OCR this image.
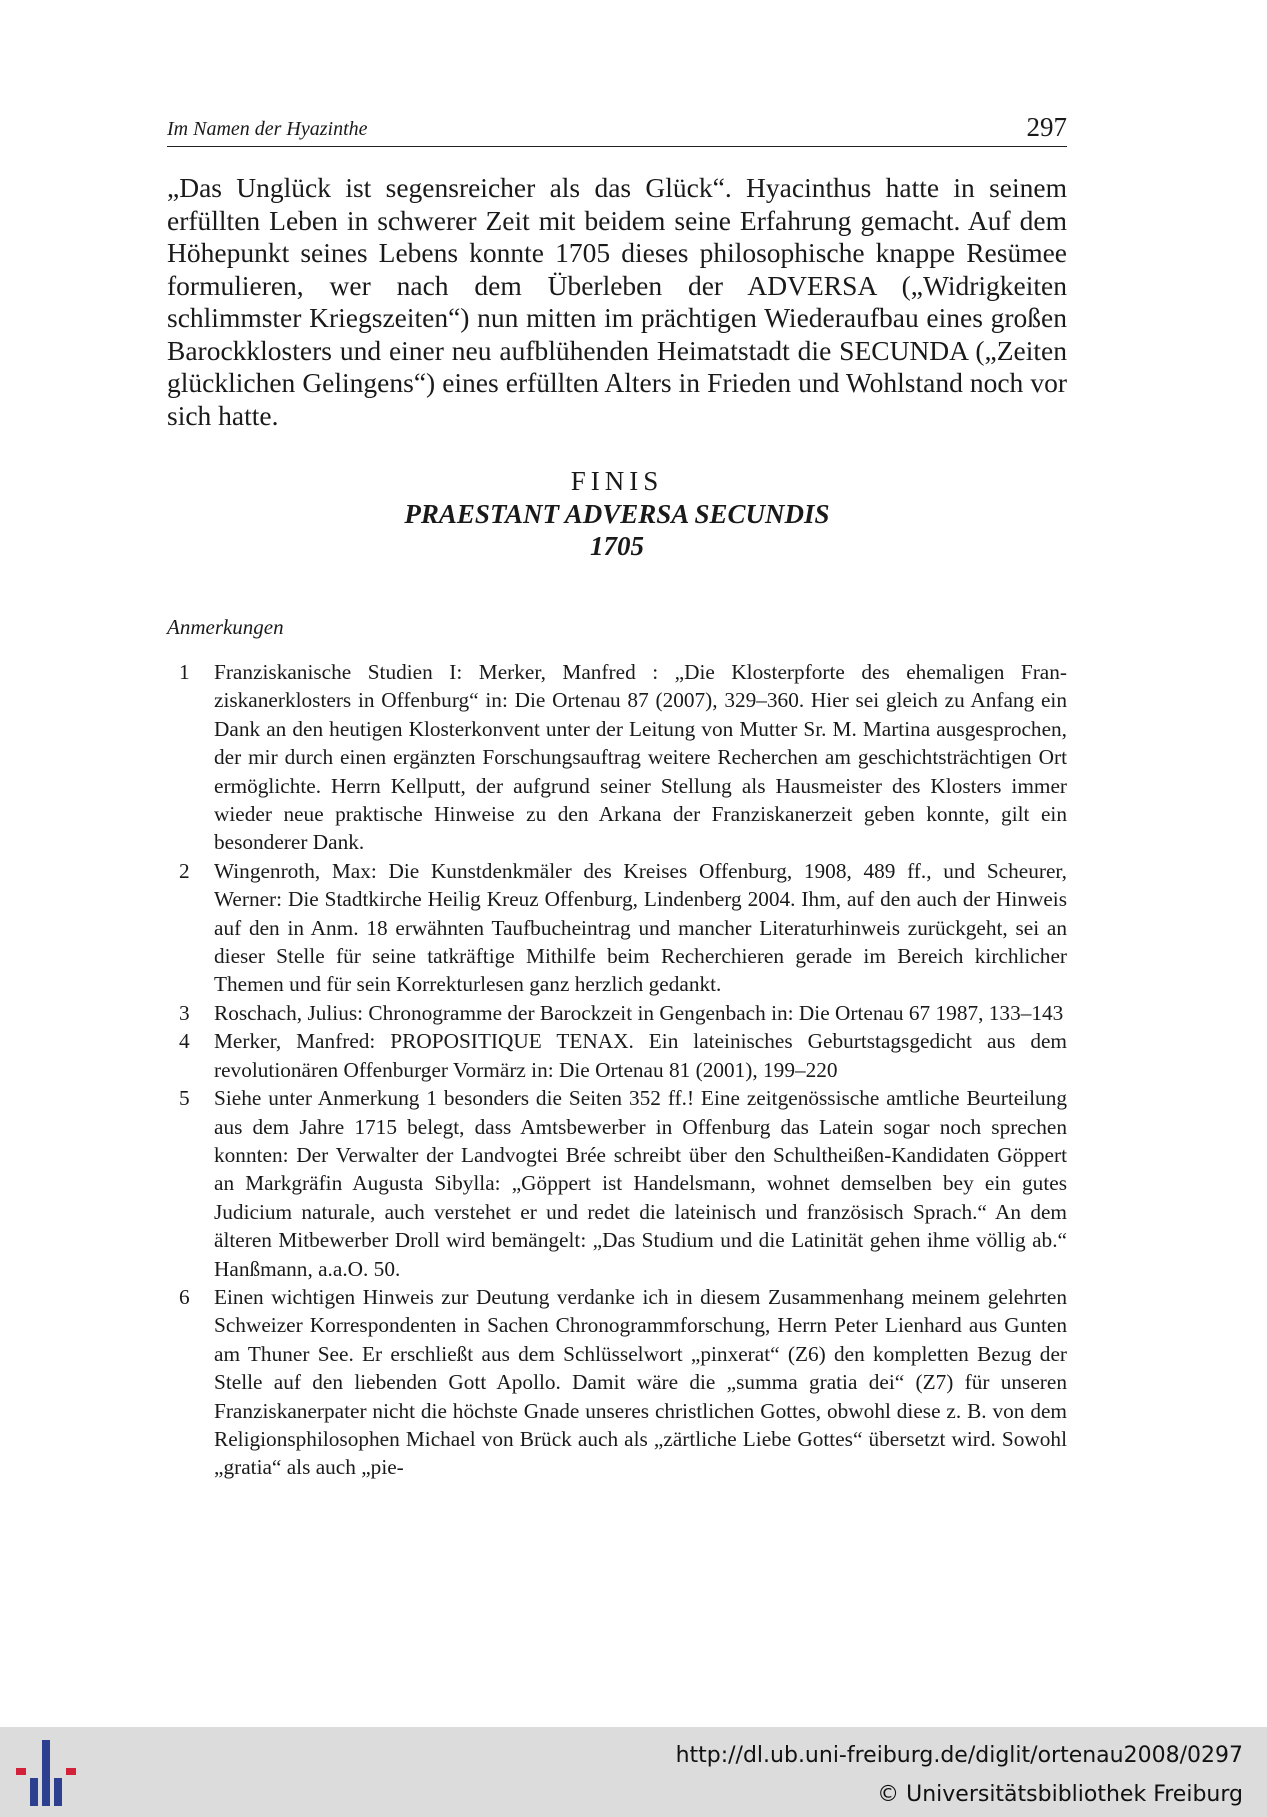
Im Namen der Hyazinthe	297

„Das Unglück ist segensreicher als das Glück“. Hyacinthus hatte in seinem erfüllten Leben in schwerer Zeit mit beidem seine Erfahrung gemacht. Auf dem Höhepunkt seines Lebens konnte 1705 dieses philosophische knappe Resümee formulieren, wer nach dem Überleben der ADVERSA („Widrigkeiten schlimmster Kriegszeiten“) nun mitten im prächtigen Wiederaufbau eines großen Barockklosters und einer neu aufblühenden Heimatstadt die SECUNDA („Zeiten glücklichen Gelingens“) eines erfüllten Alters in Frieden und Wohlstand noch vor sich hatte.

FINIS
PRAESTANT ADVERSA SECUNDIS
1705
Anmerkungen
1 Franziskanische Studien I: Merker, Manfred : „Die Klosterpforte des ehemaligen Franziskanerklosters in Offenburg“ in: Die Ortenau 87 (2007), 329–360. Hier sei gleich zu Anfang ein Dank an den heutigen Klosterkonvent unter der Leitung von Mutter Sr. M. Martina ausgesprochen, der mir durch einen ergänzten Forschungsauftrag weitere Recherchen am geschichtsträchtigen Ort ermöglichte. Herrn Kellputt, der aufgrund seiner Stellung als Hausmeister des Klosters immer wieder neue praktische Hinweise zu den Arkana der Franziskanerzeit geben konnte, gilt ein besonderer Dank.
2 Wingenroth, Max: Die Kunstdenkmäler des Kreises Offenburg, 1908, 489 ff., und Scheurer, Werner: Die Stadtkirche Heilig Kreuz Offenburg, Lindenberg 2004. Ihm, auf den auch der Hinweis auf den in Anm. 18 erwähnten Taufbucheintrag und mancher Literaturhinweis zurückgeht, sei an dieser Stelle für seine tatkräftige Mithilfe beim Recherchieren gerade im Bereich kirchlicher Themen und für sein Korrekturlesen ganz herzlich gedankt.
3 Roschach, Julius: Chronogramme der Barockzeit in Gengenbach in: Die Ortenau 67 1987, 133–143
4 Merker, Manfred: PROPOSITIQUE TENAX. Ein lateinisches Geburtstagsgedicht aus dem revolutionären Offenburger Vormärz in: Die Ortenau 81 (2001), 199–220
5 Siehe unter Anmerkung 1 besonders die Seiten 352 ff.! Eine zeitgenössische amtliche Beurteilung aus dem Jahre 1715 belegt, dass Amtsbewerber in Offenburg das Latein sogar noch sprechen konnten: Der Verwalter der Landvogtei Brée schreibt über den Schultheißen-Kandidaten Göppert an Markgräfin Augusta Sibylla: „Göppert ist Handelsmann, wohnet demselben bey ein gutes Judicium naturale, auch verstehet er und redet die lateinisch und französisch Sprach.“ An dem älteren Mitbewerber Droll wird bemängelt: „Das Studium und die Latinität gehen ihme völlig ab.“ Hanßmann, a.a.O. 50.
6 Einen wichtigen Hinweis zur Deutung verdanke ich in diesem Zusammenhang meinem gelehrten Schweizer Korrespondenten in Sachen Chronogrammforschung, Herrn Peter Lienhard aus Gunten am Thuner See. Er erschließt aus dem Schlüsselwort „pinxerat“ (Z6) den kompletten Bezug der Stelle auf den liebenden Gott Apollo. Damit wäre die „summa gratia dei“ (Z7) für unseren Franziskanerpater nicht die höchste Gnade unseres christlichen Gottes, obwohl diese z. B. von dem Religionsphilosophen Michael von Brück auch als „zärtliche Liebe Gottes“ übersetzt wird. Sowohl „gratia“ als auch „pie-
http://dl.ub.uni-freiburg.de/diglit/ortenau2008/0297
© Universitätsbibliothek Freiburg
